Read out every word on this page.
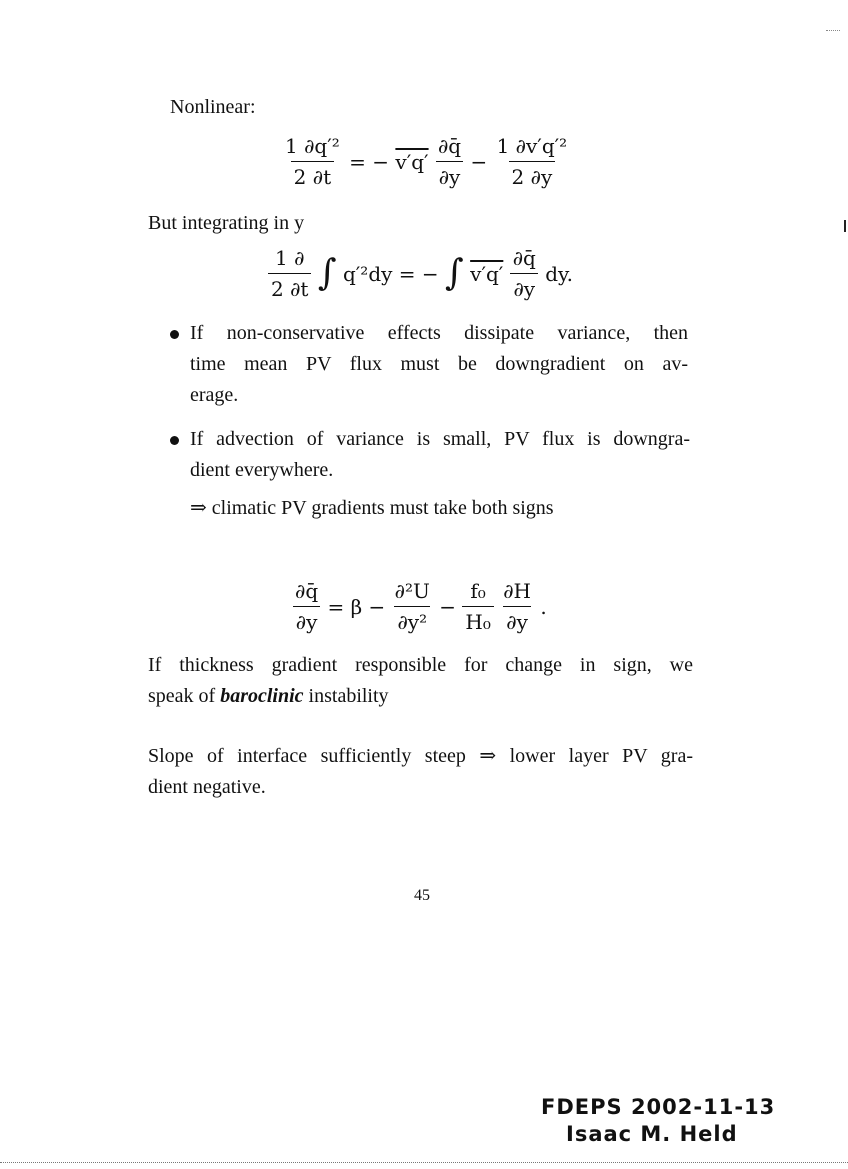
Nonlinear:
$\frac{\text{1 ∂q′²}}{2 \partial t}$ = − $v'q' \frac{\partial q̄}{\partial y} - \frac{\text{1 ∂v′q′²}}{2 \partial y}$
But integrating in y
$\frac{1 \partial}{2 \partial t}$ ∫ q′²dy = − ∫ $v'q' \frac{\partial q̄}{\partial y}$ dy.
If non-conservative effects dissipate variance, then
time mean PV flux must be downgradient on av-
erage.
If advection of variance is small, PV flux is downgra-
dient everywhere.
⇒ climatic PV gradients must take both signs
$\frac{\partial q̄}{\partial y} = \beta - \frac{\text{∂²U}}{\text{∂y²}} - \frac{\text{f₀}}{\text{H₀}}$
$\frac{\partial H}{\partial y}$ .
If thickness gradient responsible for change in sign, we
speak of baroclinic instability
Slope of interface sufficiently steep ⇒ lower layer PV gra-
dient negative.
45
FDEPS 2002-11-13
Isaac M. Held
